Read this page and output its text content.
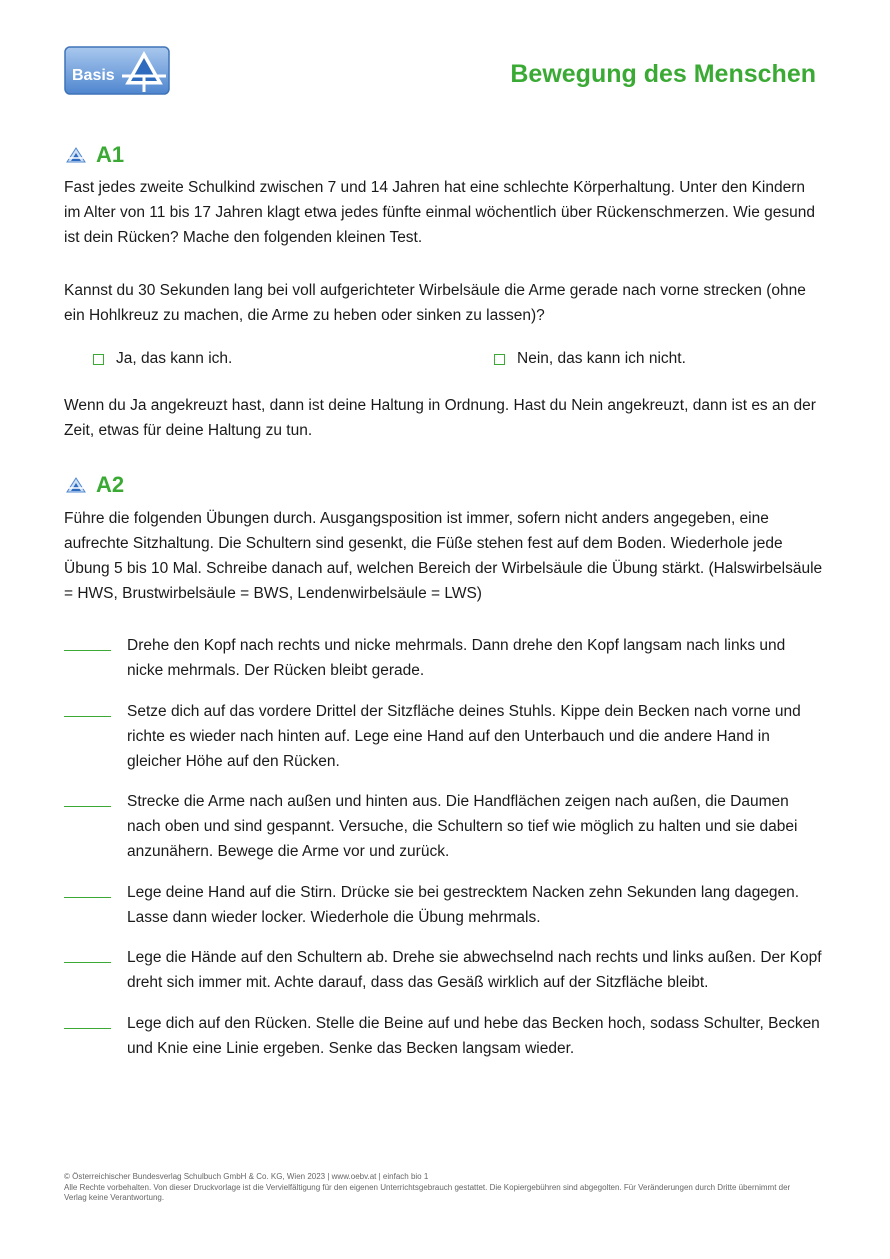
Basis	Bewegung des Menschen
A1

Fast jedes zweite Schulkind zwischen 7 und 14 Jahren hat eine schlechte Körperhaltung. Unter den Kindern im Alter von 11 bis 17 Jahren klagt etwa jedes fünfte einmal wöchentlich über Rückenschmerzen. Wie gesund ist dein Rücken? Mache den folgenden kleinen Test.

Kannst du 30 Sekunden lang bei voll aufgerichteter Wirbelsäule die Arme gerade nach vorne strecken (ohne ein Hohlkreuz zu machen, die Arme zu heben oder sinken zu lassen)?

Ja, das kann ich.	Nein, das kann ich nicht.

Wenn du Ja angekreuzt hast, dann ist deine Haltung in Ordnung. Hast du Nein angekreuzt, dann ist es an der Zeit, etwas für deine Haltung zu tun.

A2

Führe die folgenden Übungen durch. Ausgangsposition ist immer, sofern nicht anders angegeben, eine aufrechte Sitzhaltung. Die Schultern sind gesenkt, die Füße stehen fest auf dem Boden. Wiederhole jede Übung 5 bis 10 Mal. Schreibe danach auf, welchen Bereich der Wirbelsäule die Übung stärkt. (Halswirbelsäule = HWS, Brustwirbelsäule = BWS, Lendenwirbelsäule = LWS)

Drehe den Kopf nach rechts und nicke mehrmals. Dann drehe den Kopf langsam nach links und nicke mehrmals. Der Rücken bleibt gerade.

Setze dich auf das vordere Drittel der Sitzfläche deines Stuhls. Kippe dein Becken nach vorne und richte es wieder nach hinten auf. Lege eine Hand auf den Unterbauch und die andere Hand in gleicher Höhe auf den Rücken.

Strecke die Arme nach außen und hinten aus. Die Handflächen zeigen nach außen, die Daumen nach oben und sind gespannt. Versuche, die Schultern so tief wie möglich zu halten und sie dabei anzunähern. Bewege die Arme vor und zurück.

Lege deine Hand auf die Stirn. Drücke sie bei gestrecktem Nacken zehn Sekunden lang dagegen. Lasse dann wieder locker. Wiederhole die Übung mehrmals.

Lege die Hände auf den Schultern ab. Drehe sie abwechselnd nach rechts und links außen. Der Kopf dreht sich immer mit. Achte darauf, dass das Gesäß wirklich auf der Sitzfläche bleibt.

Lege dich auf den Rücken. Stelle die Beine auf und hebe das Becken hoch, sodass Schulter, Becken und Knie eine Linie ergeben. Senke das Becken langsam wieder.

© Österreichischer Bundesverlag Schulbuch GmbH & Co. KG, Wien 2023 | www.oebv.at | einfach bio 1
Alle Rechte vorbehalten. Von dieser Druckvorlage ist die Vervielfältigung für den eigenen Unterrichtsgebrauch gestattet. Die Kopiergebühren sind abgegolten. Für Veränderungen durch Dritte übernimmt der Verlag keine Verantwortung.
